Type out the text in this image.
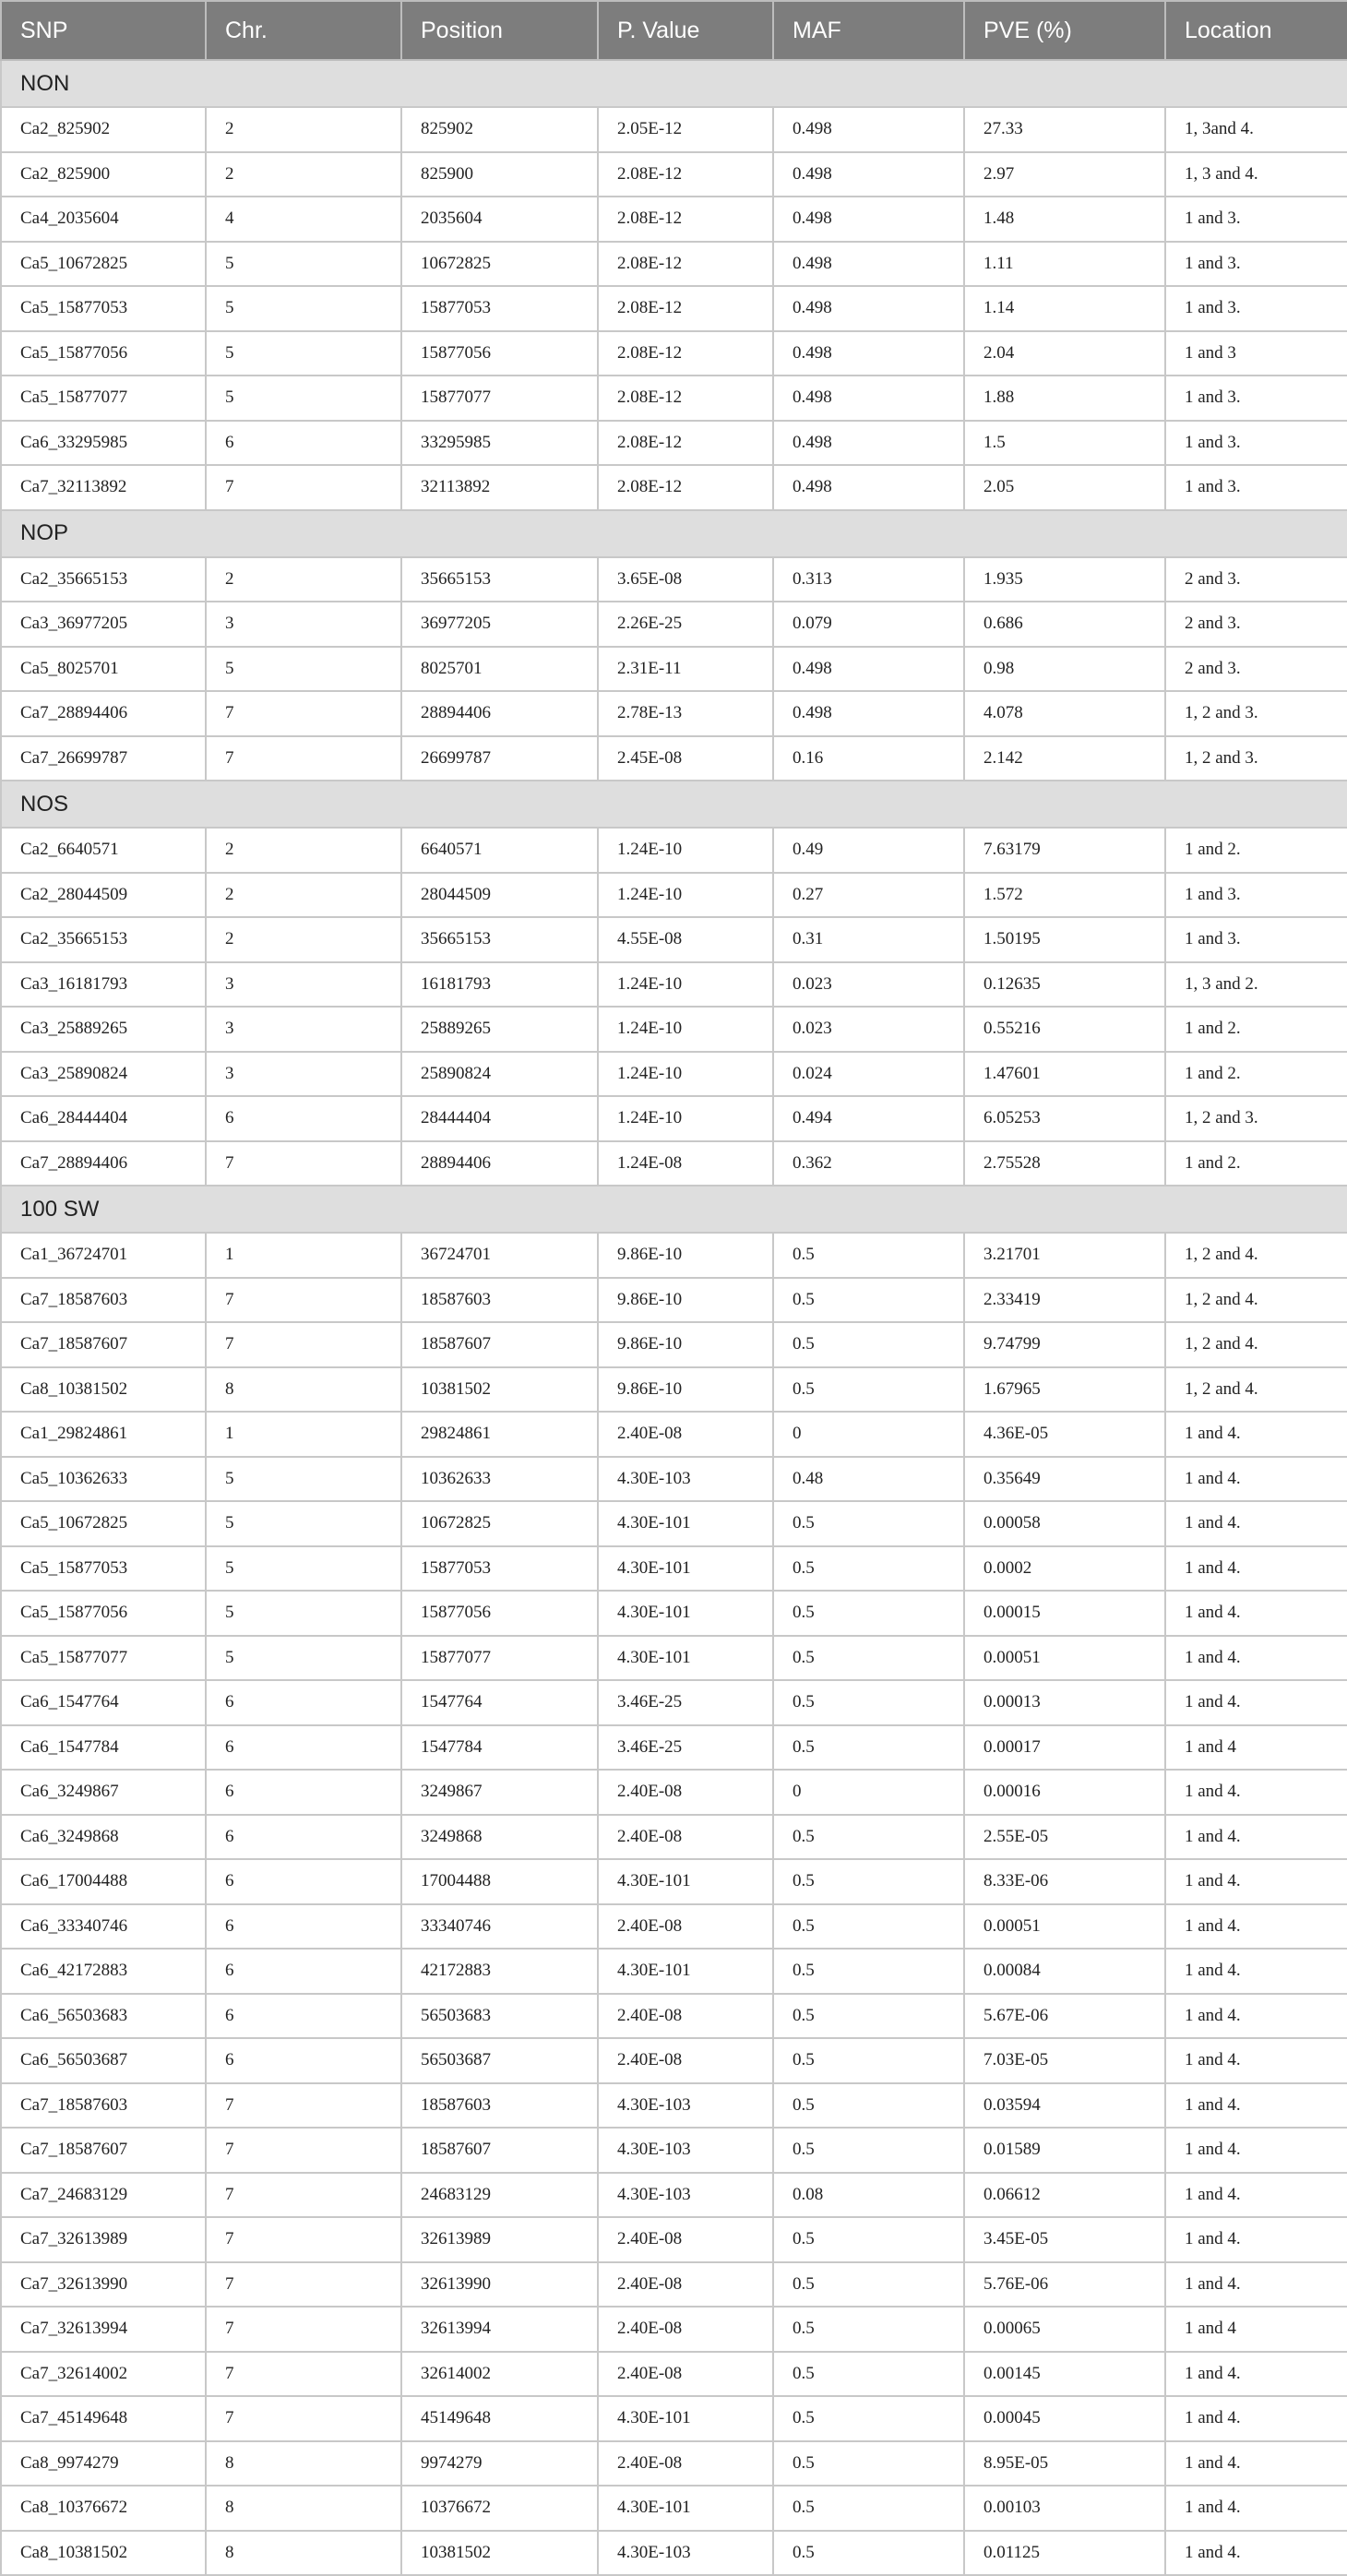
SNP	Chr.	Position	P. Value	MAF	PVE (%)	Location
NON						
Ca2_825902	2	825902	2.05E-12	0.498	27.33	1, 3and 4.
Ca2_825900	2	825900	2.08E-12	0.498	2.97	1, 3 and 4.
Ca4_2035604	4	2035604	2.08E-12	0.498	1.48	1 and 3.
Ca5_10672825	5	10672825	2.08E-12	0.498	1.11	1 and 3.
Ca5_15877053	5	15877053	2.08E-12	0.498	1.14	1 and 3.
Ca5_15877056	5	15877056	2.08E-12	0.498	2.04	1 and 3
Ca5_15877077	5	15877077	2.08E-12	0.498	1.88	1 and 3.
Ca6_33295985	6	33295985	2.08E-12	0.498	1.5	1 and 3.
Ca7_32113892	7	32113892	2.08E-12	0.498	2.05	1 and 3.
NOP						
Ca2_35665153	2	35665153	3.65E-08	0.313	1.935	2 and 3.
Ca3_36977205	3	36977205	2.26E-25	0.079	0.686	2 and 3.
Ca5_8025701	5	8025701	2.31E-11	0.498	0.98	2 and 3.
Ca7_28894406	7	28894406	2.78E-13	0.498	4.078	1, 2 and 3.
Ca7_26699787	7	26699787	2.45E-08	0.16	2.142	1, 2 and 3.
NOS						
Ca2_6640571	2	6640571	1.24E-10	0.49	7.63179	1 and 2.
Ca2_28044509	2	28044509	1.24E-10	0.27	1.572	1 and 3.
Ca2_35665153	2	35665153	4.55E-08	0.31	1.50195	1 and 3.
Ca3_16181793	3	16181793	1.24E-10	0.023	0.12635	1, 3 and 2.
Ca3_25889265	3	25889265	1.24E-10	0.023	0.55216	1 and 2.
Ca3_25890824	3	25890824	1.24E-10	0.024	1.47601	1 and 2.
Ca6_28444404	6	28444404	1.24E-10	0.494	6.05253	1, 2 and 3.
Ca7_28894406	7	28894406	1.24E-08	0.362	2.75528	1 and 2.
100 SW						
Ca1_36724701	1	36724701	9.86E-10	0.5	3.21701	1, 2 and 4.
Ca7_18587603	7	18587603	9.86E-10	0.5	2.33419	1, 2 and 4.
Ca7_18587607	7	18587607	9.86E-10	0.5	9.74799	1, 2 and 4.
Ca8_10381502	8	10381502	9.86E-10	0.5	1.67965	1, 2 and 4.
Ca1_29824861	1	29824861	2.40E-08	0	4.36E-05	1 and 4.
Ca5_10362633	5	10362633	4.30E-103	0.48	0.35649	1 and 4.
Ca5_10672825	5	10672825	4.30E-101	0.5	0.00058	1 and 4.
Ca5_15877053	5	15877053	4.30E-101	0.5	0.0002	1 and 4.
Ca5_15877056	5	15877056	4.30E-101	0.5	0.00015	1 and 4.
Ca5_15877077	5	15877077	4.30E-101	0.5	0.00051	1 and 4.
Ca6_1547764	6	1547764	3.46E-25	0.5	0.00013	1 and 4.
Ca6_1547784	6	1547784	3.46E-25	0.5	0.00017	1 and 4
Ca6_3249867	6	3249867	2.40E-08	0	0.00016	1 and 4.
Ca6_3249868	6	3249868	2.40E-08	0.5	2.55E-05	1 and 4.
Ca6_17004488	6	17004488	4.30E-101	0.5	8.33E-06	1 and 4.
Ca6_33340746	6	33340746	2.40E-08	0.5	0.00051	1 and 4.
Ca6_42172883	6	42172883	4.30E-101	0.5	0.00084	1 and 4.
Ca6_56503683	6	56503683	2.40E-08	0.5	5.67E-06	1 and 4.
Ca6_56503687	6	56503687	2.40E-08	0.5	7.03E-05	1 and 4.
Ca7_18587603	7	18587603	4.30E-103	0.5	0.03594	1 and 4.
Ca7_18587607	7	18587607	4.30E-103	0.5	0.01589	1 and 4.
Ca7_24683129	7	24683129	4.30E-103	0.08	0.06612	1 and 4.
Ca7_32613989	7	32613989	2.40E-08	0.5	3.45E-05	1 and 4.
Ca7_32613990	7	32613990	2.40E-08	0.5	5.76E-06	1 and 4.
Ca7_32613994	7	32613994	2.40E-08	0.5	0.00065	1 and 4
Ca7_32614002	7	32614002	2.40E-08	0.5	0.00145	1 and 4.
Ca7_45149648	7	45149648	4.30E-101	0.5	0.00045	1 and 4.
Ca8_9974279	8	9974279	2.40E-08	0.5	8.95E-05	1 and 4.
Ca8_10376672	8	10376672	4.30E-101	0.5	0.00103	1 and 4.
Ca8_10381502	8	10381502	4.30E-103	0.5	0.01125	1 and 4.
